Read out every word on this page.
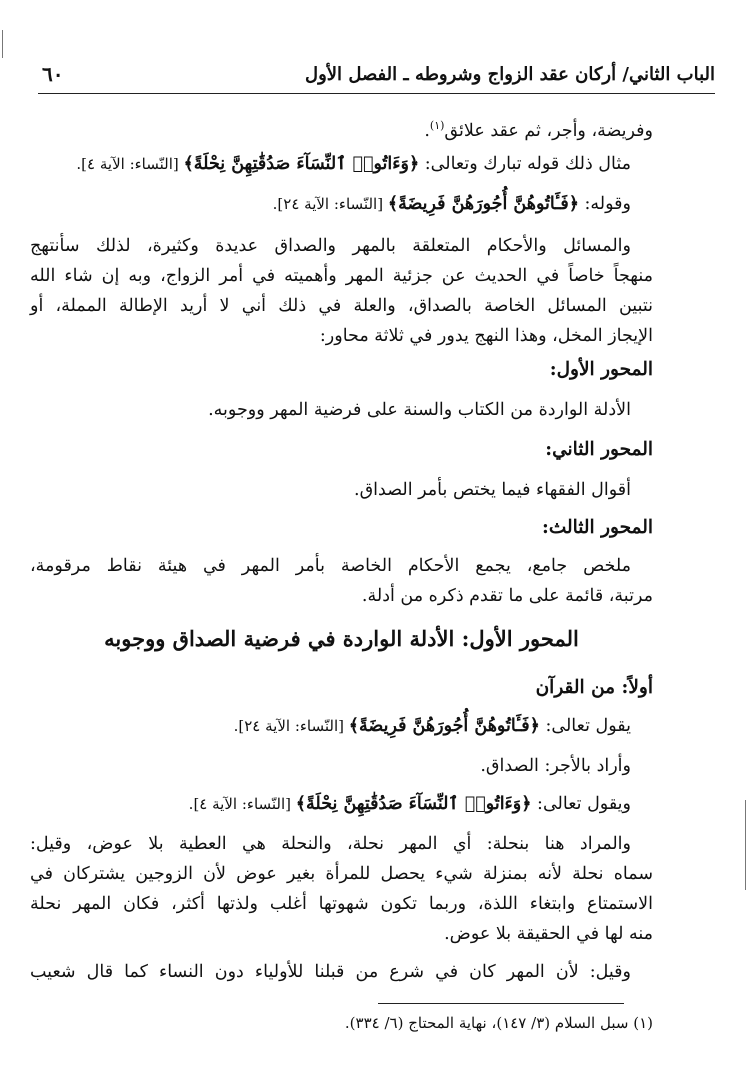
الباب الثاني/ أركان عقد الزواج وشروطه ـ الفصل الأول
٦٠
وفريضة، وأجر، ثم عقد علائق$^{(١)}$.
مثال ذلك قوله تبارك وتعالى: ﴿وَءَاتُوا۟ ٱلنِّسَآءَ صَدُقَٰتِهِنَّ نِحْلَةً﴾ [النّساء: الآية ٤].
وقوله: ﴿فَـَٔاتُوهُنَّ أُجُورَهُنَّ فَرِيضَةً﴾ [النّساء: الآية ٢٤].
والمسائل والأحكام المتعلقة بالمهر والصداق عديدة وكثيرة، لذلك سأنتهج
منهجاً خاصاً في الحديث عن جزئية المهر وأهميته في أمر الزواج، وبه إن شاء الله
نتبين المسائل الخاصة بالصداق، والعلة في ذلك أني لا أريد الإطالة المملة، أو
الإيجاز المخل، وهذا النهج يدور في ثلاثة محاور:
المحور الأول:
الأدلة الواردة من الكتاب والسنة على فرضية المهر ووجوبه.
المحور الثاني:
أقوال الفقهاء فيما يختص بأمر الصداق.
المحور الثالث:
ملخص جامع، يجمع الأحكام الخاصة بأمر المهر في هيئة نقاط مرقومة،
مرتبة، قائمة على ما تقدم ذكره من أدلة.
المحور الأول: الأدلة الواردة في فرضية الصداق ووجوبه
أولاً: من القرآن
يقول تعالى: ﴿فَـَٔاتُوهُنَّ أُجُورَهُنَّ فَرِيضَةً﴾ [النّساء: الآية ٢٤].
وأراد بالأجر: الصداق.
ويقول تعالى: ﴿وَءَاتُوا۟ ٱلنِّسَآءَ صَدُقَٰتِهِنَّ نِحْلَةً﴾ [النّساء: الآية ٤].
والمراد هنا بنحلة: أي المهر نحلة، والنحلة هي العطية بلا عوض، وقيل:
سماه نحلة لأنه بمنزلة شيء يحصل للمرأة بغير عوض لأن الزوجين يشتركان في
الاستمتاع وابتغاء اللذة، وربما تكون شهوتها أغلب ولذتها أكثر، فكان المهر نحلة
منه لها في الحقيقة بلا عوض.
وقيل: لأن المهر كان في شرع من قبلنا للأولياء دون النساء كما قال شعيب
(١) سبل السلام (٣/ ١٤٧)، نهاية المحتاج (٦/ ٣٣٤).
